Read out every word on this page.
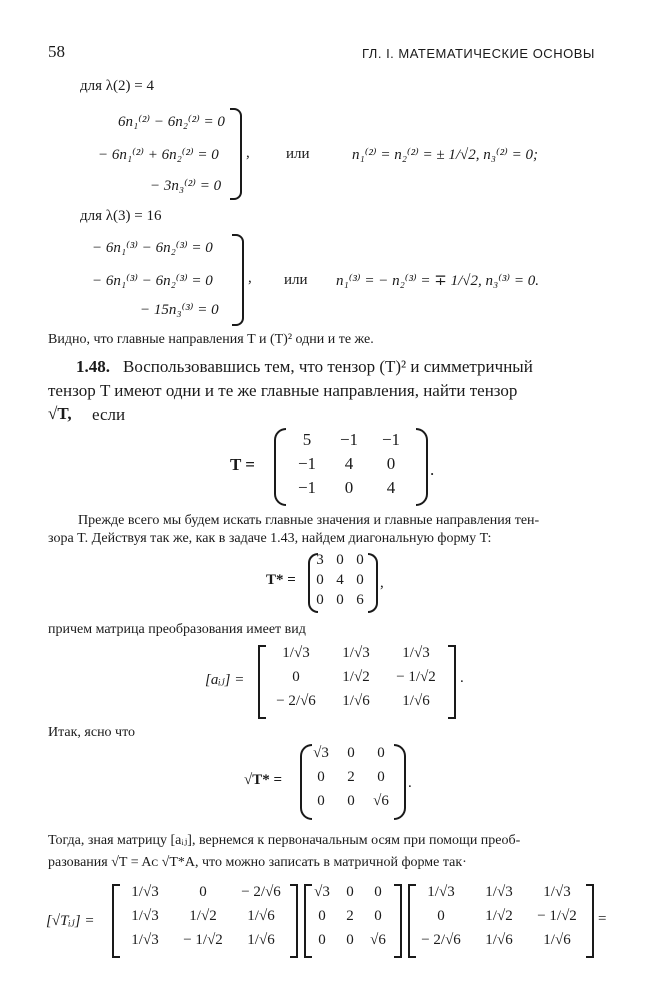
58	ГЛ. I. МАТЕМАТИЧЕСКИЕ ОСНОВЫ
для λ(2) = 4
6n₁⁽²⁾ − 6n₂⁽²⁾ = 0
− 6n₁⁽²⁾ + 6n₂⁽²⁾ = 0
− 3n₃⁽²⁾ = 0
, или	n₁⁽²⁾ = n₂⁽²⁾ = ± 1/√2, n₃⁽²⁾ = 0;
для λ(3) = 16
− 6n₁⁽³⁾ − 6n₂⁽³⁾ = 0
− 6n₁⁽³⁾ − 6n₂⁽³⁾ = 0
− 15n₃⁽³⁾ = 0
, или n₁⁽³⁾ = − n₂⁽³⁾ = ∓ 1/√2, n₃⁽³⁾ = 0.
Видно, что главные направления T и (T)² одни и те же.
1.48. Воспользовавшись тем, что тензор (T)² и симметричный
тензор T имеют одни и те же главные направления, найти тензор
√T, если
T =
5	−1	−1
−1	4	0
−1	0	4
.
Прежде всего мы будем искать главные значения и главные направления тен-
зора T. Действуя так же, как в задаче 1.43, найдем диагональную форму T:
T* =
3 0 0
0 4 0
0 0 6
,
причем матрица преобразования имеет вид
[aᵢⱼ] =
1/√3	1/√3	1/√3
0	1/√2	− 1/√2
− 2/√6	1/√6	1/√6
.
Итак, ясно что
√T* =
√3	0	0
0	2	0
0	0	√6
.
Тогда, зная матрицу [aᵢⱼ], вернемся к первоначальным осям при помощи преоб-
разования √T = Aᴄ √T*A, что можно записать в матричной форме так·
[√Tᵢⱼ] =
1/√3	0	− 2/√6
1/√3	1/√2	1/√6
1/√3	− 1/√2	1/√6
√3	0	0
0	2	0
0	0	√6
1/√3	1/√3	1/√3
0	1/√2	− 1/√2
− 2/√6	1/√6	1/√6
=
